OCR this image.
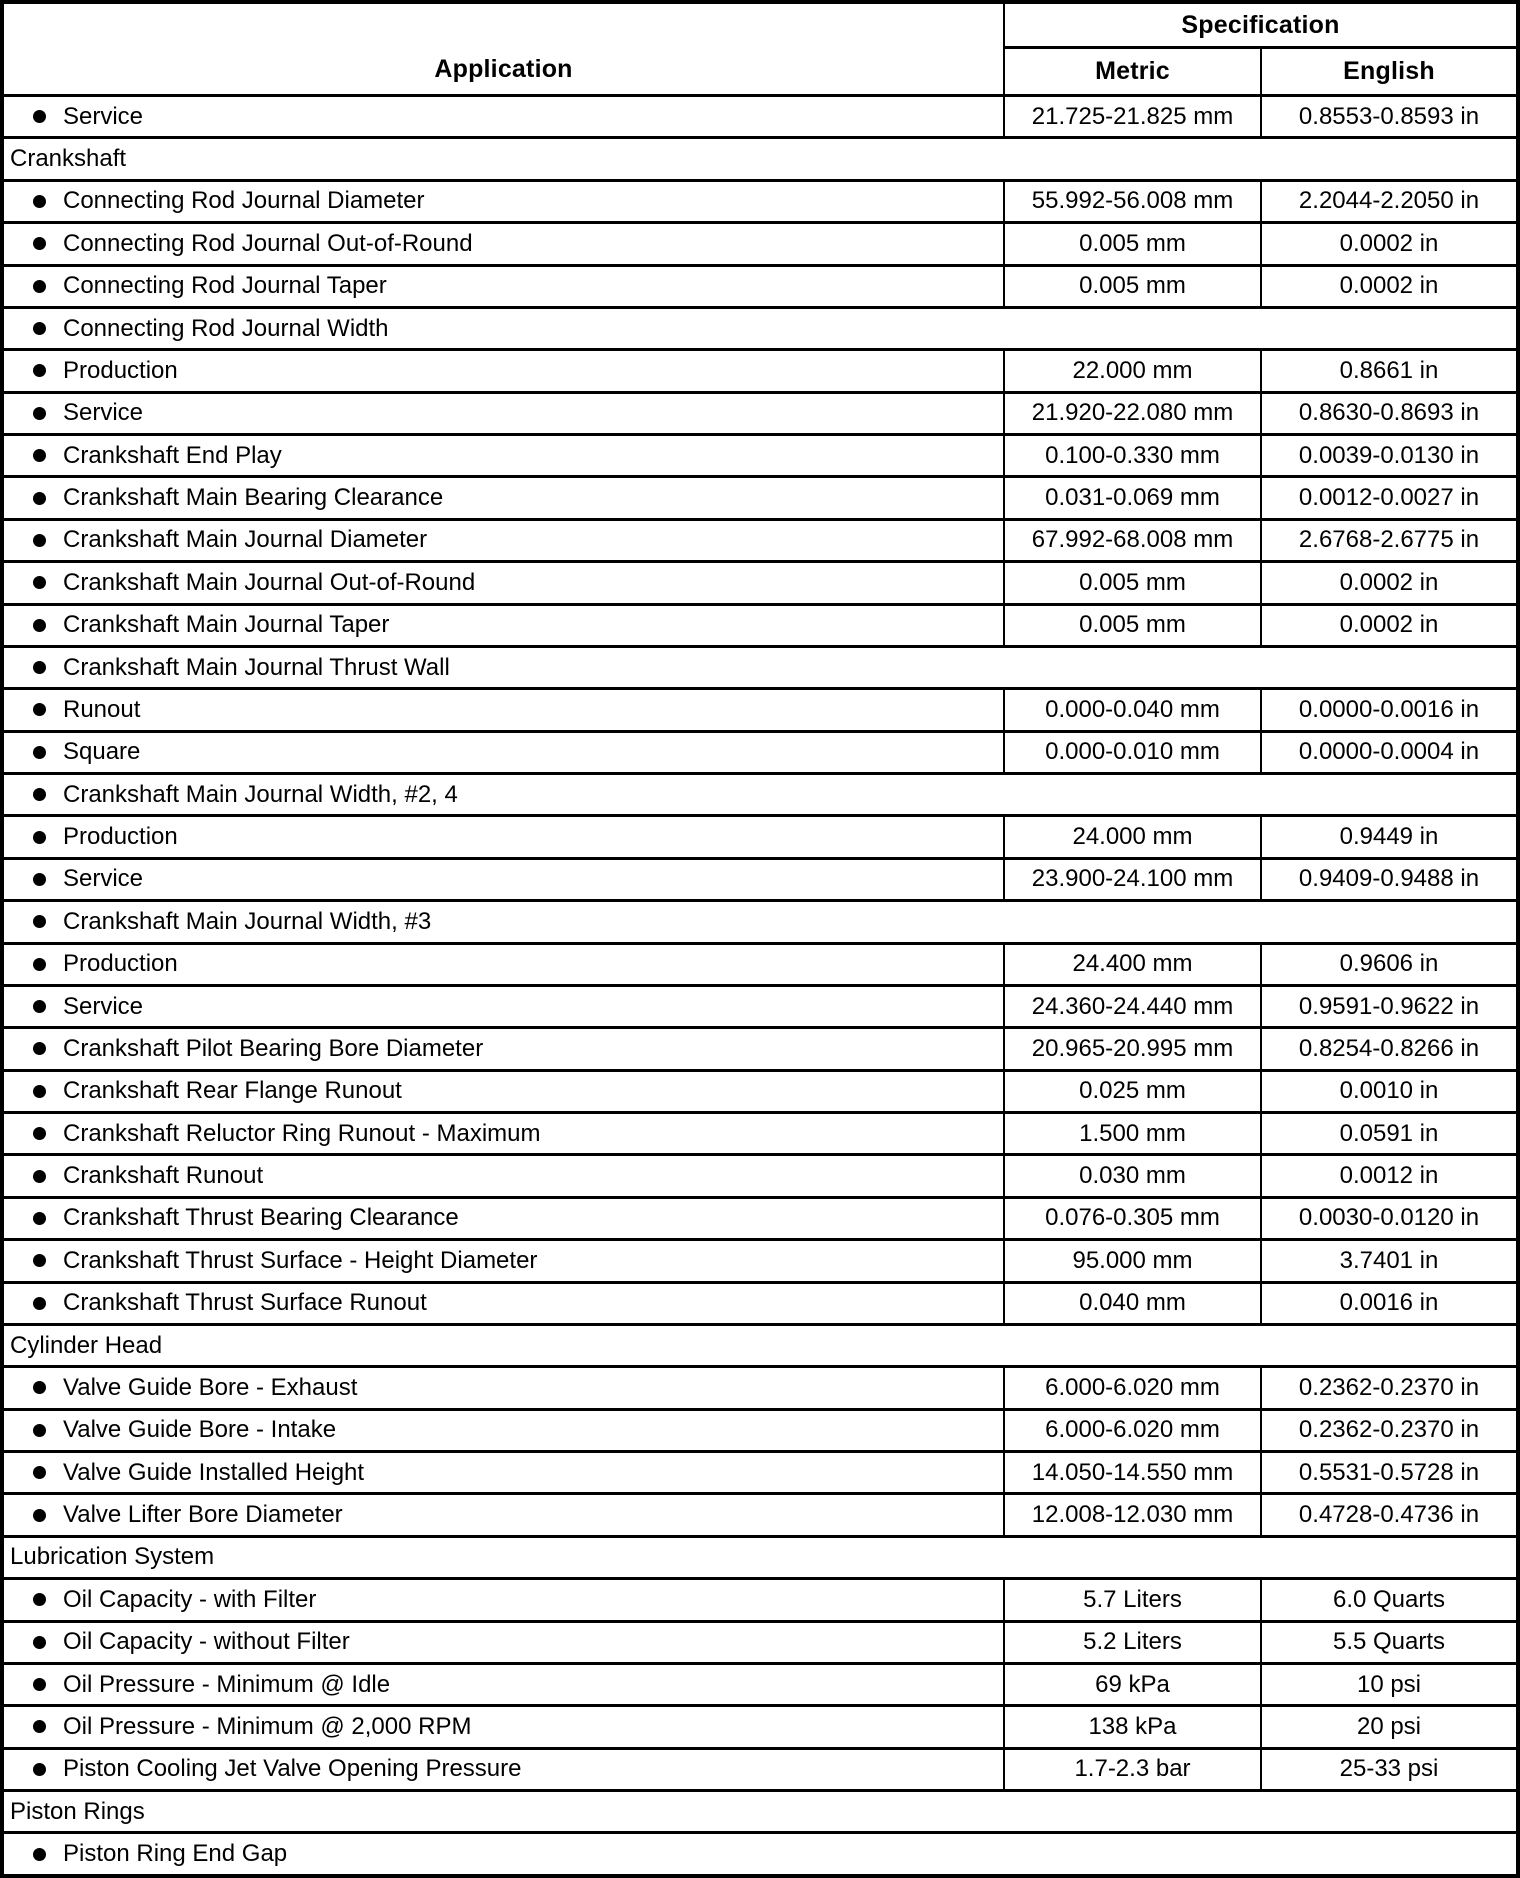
Application
Specification
Metric	English
Service	21.725-21.825 mm	0.8553-0.8593 in
Crankshaft
Connecting Rod Journal Diameter	55.992-56.008 mm	2.2044-2.2050 in
Connecting Rod Journal Out-of-Round	0.005 mm	0.0002 in
Connecting Rod Journal Taper	0.005 mm	0.0002 in
Connecting Rod Journal Width
Production	22.000 mm	0.8661 in
Service	21.920-22.080 mm	0.8630-0.8693 in
Crankshaft End Play	0.100-0.330 mm	0.0039-0.0130 in
Crankshaft Main Bearing Clearance	0.031-0.069 mm	0.0012-0.0027 in
Crankshaft Main Journal Diameter	67.992-68.008 mm	2.6768-2.6775 in
Crankshaft Main Journal Out-of-Round	0.005 mm	0.0002 in
Crankshaft Main Journal Taper	0.005 mm	0.0002 in
Crankshaft Main Journal Thrust Wall
Runout	0.000-0.040 mm	0.0000-0.0016 in
Square	0.000-0.010 mm	0.0000-0.0004 in
Crankshaft Main Journal Width, #2, 4
Production	24.000 mm	0.9449 in
Service	23.900-24.100 mm	0.9409-0.9488 in
Crankshaft Main Journal Width, #3
Production	24.400 mm	0.9606 in
Service	24.360-24.440 mm	0.9591-0.9622 in
Crankshaft Pilot Bearing Bore Diameter	20.965-20.995 mm	0.8254-0.8266 in
Crankshaft Rear Flange Runout	0.025 mm	0.0010 in
Crankshaft Reluctor Ring Runout - Maximum	1.500 mm	0.0591 in
Crankshaft Runout	0.030 mm	0.0012 in
Crankshaft Thrust Bearing Clearance	0.076-0.305 mm	0.0030-0.0120 in
Crankshaft Thrust Surface - Height Diameter	95.000 mm	3.7401 in
Crankshaft Thrust Surface Runout	0.040 mm	0.0016 in
Cylinder Head
Valve Guide Bore - Exhaust	6.000-6.020 mm	0.2362-0.2370 in
Valve Guide Bore - Intake	6.000-6.020 mm	0.2362-0.2370 in
Valve Guide Installed Height	14.050-14.550 mm	0.5531-0.5728 in
Valve Lifter Bore Diameter	12.008-12.030 mm	0.4728-0.4736 in
Lubrication System
Oil Capacity - with Filter	5.7 Liters	6.0 Quarts
Oil Capacity - without Filter	5.2 Liters	5.5 Quarts
Oil Pressure - Minimum @ Idle	69 kPa	10 psi
Oil Pressure - Minimum @ 2,000 RPM	138 kPa	20 psi
Piston Cooling Jet Valve Opening Pressure	1.7-2.3 bar	25-33 psi
Piston Rings
Piston Ring End Gap
